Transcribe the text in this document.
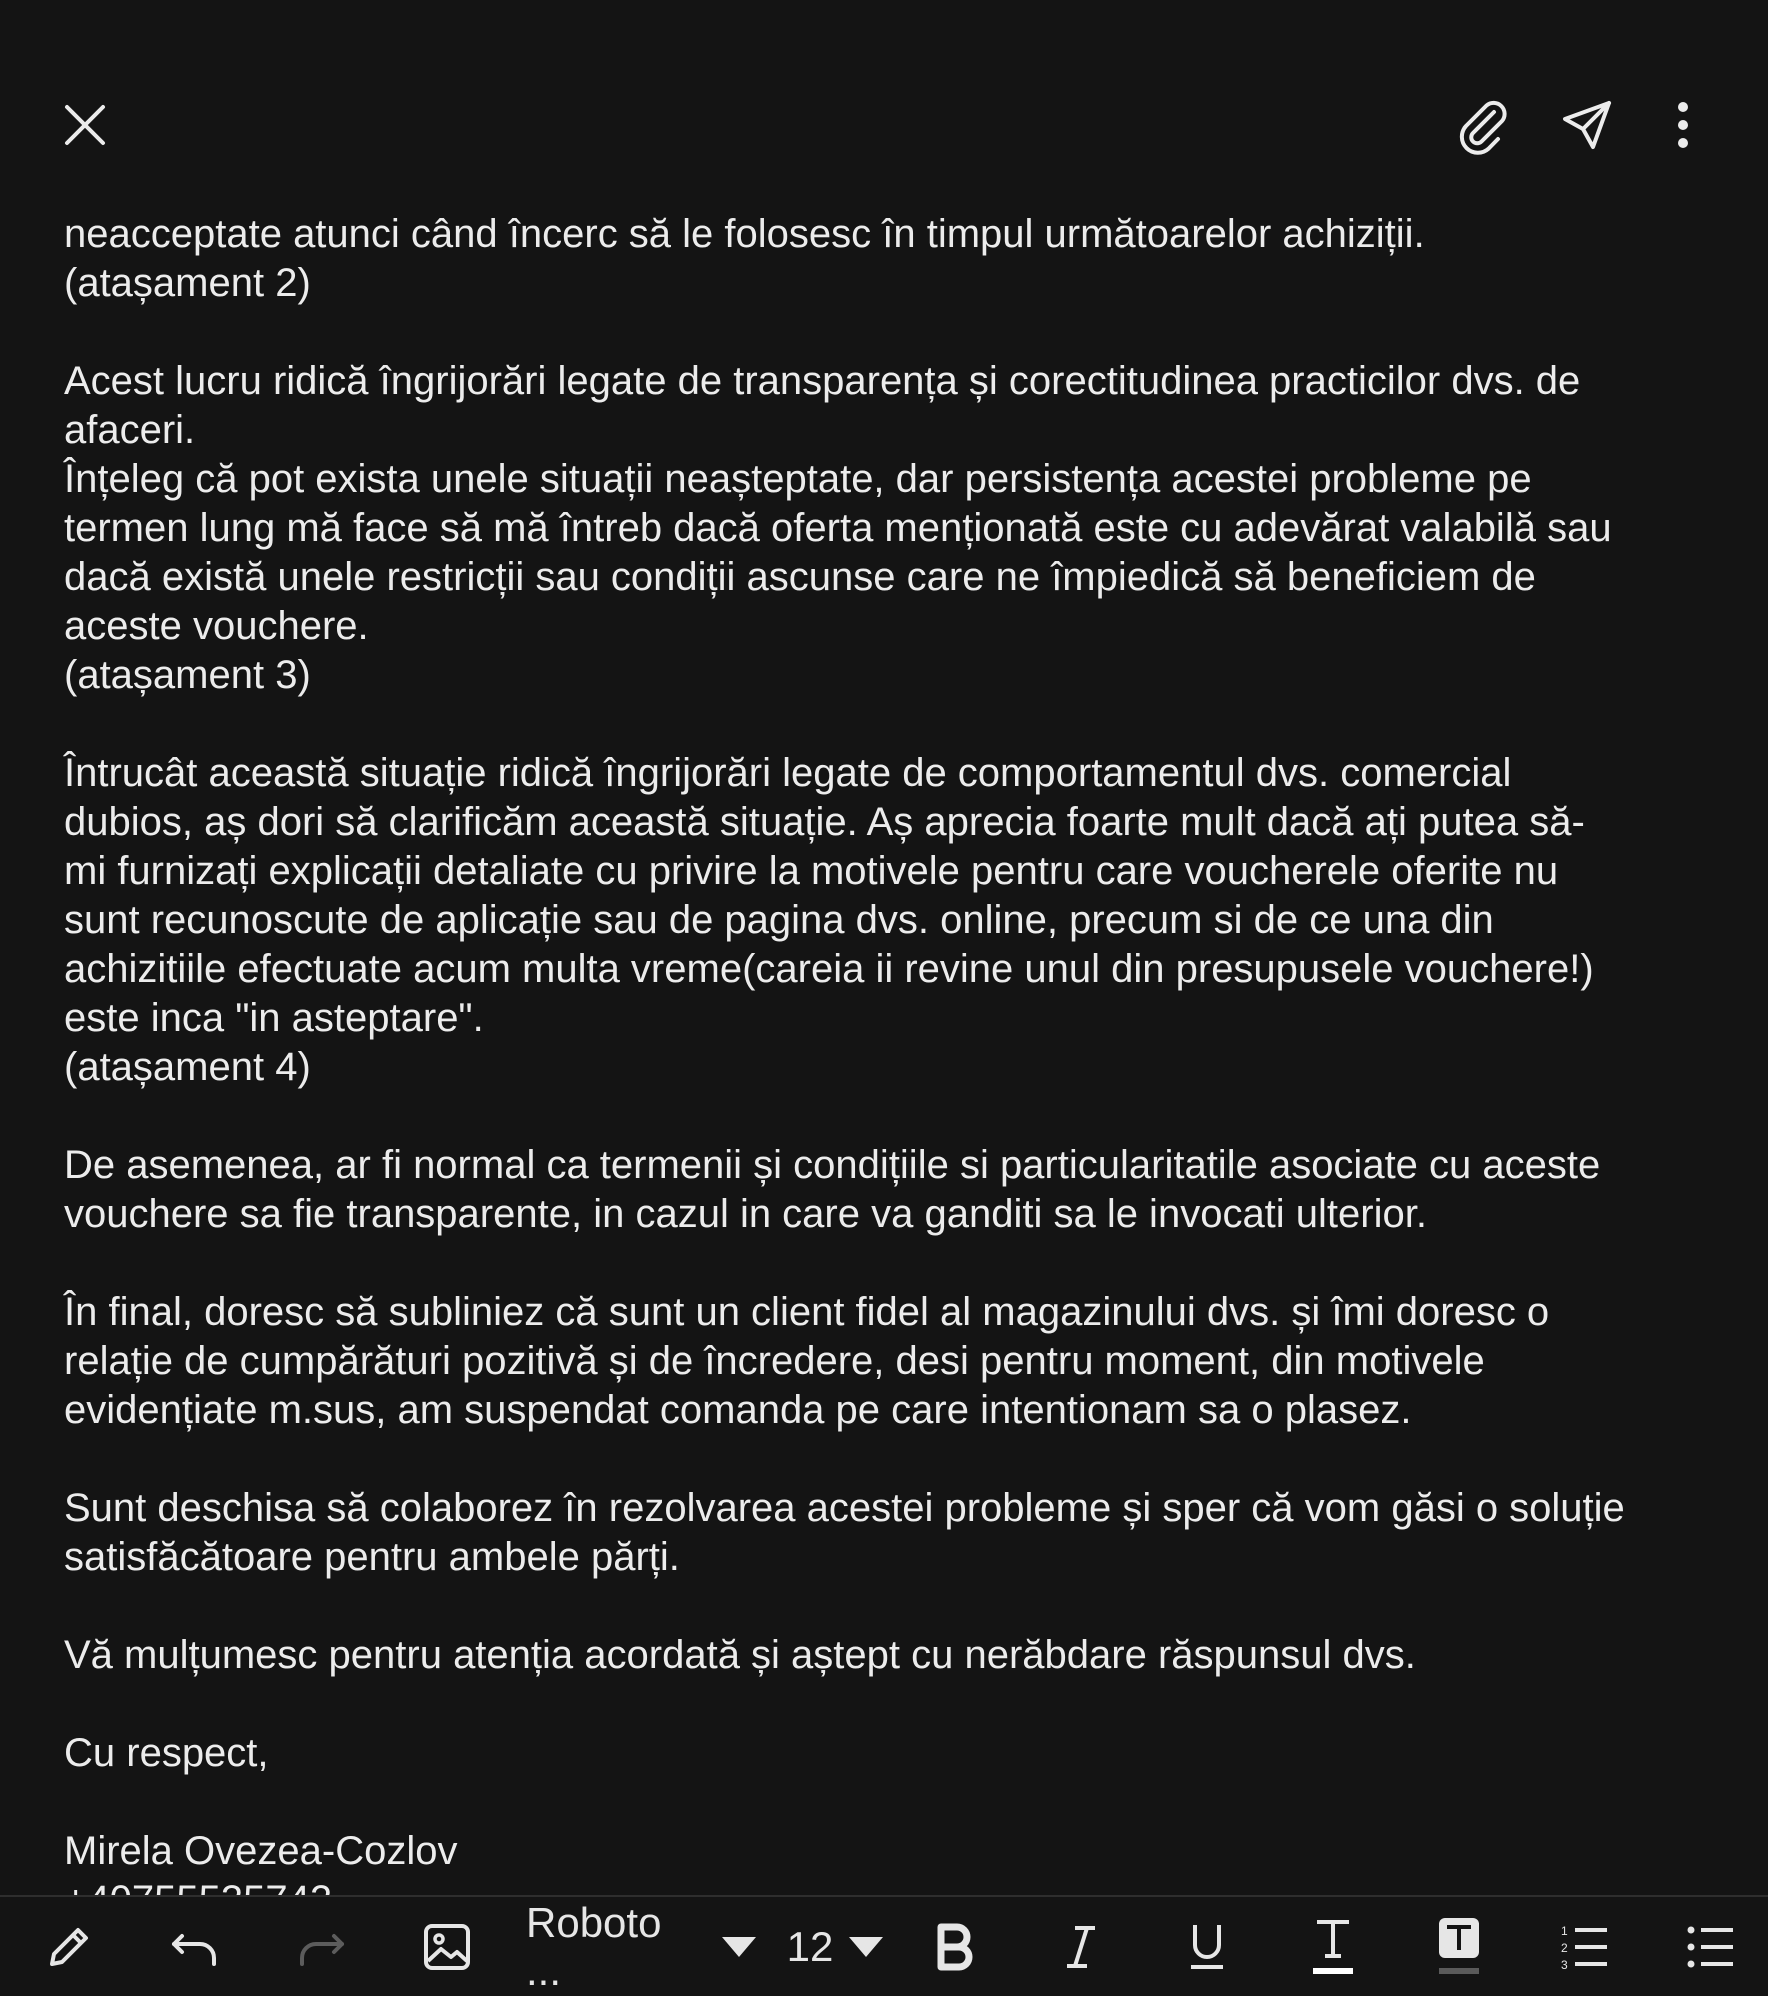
neacceptate atunci când încerc să le folosesc în timpul următoarelor achiziții.
(atașament 2)
Acest lucru ridică îngrijorări legate de transparența și corectitudinea practicilor dvs. de
afaceri.
Înțeleg că pot exista unele situații neașteptate, dar persistența acestei probleme pe
termen lung mă face să mă întreb dacă oferta menționată este cu adevărat valabilă sau
dacă există unele restricții sau condiții ascunse care ne împiedică să beneficiem de
aceste vouchere.
(atașament 3)
Întrucât această situație ridică îngrijorări legate de comportamentul dvs. comercial
dubios, aș dori să clarificăm această situație. Aș aprecia foarte mult dacă ați putea să-
mi furnizați explicații detaliate cu privire la motivele pentru care voucherele oferite nu
sunt recunoscute de aplicație sau de pagina dvs. online, precum si de ce una din
achizitiile efectuate acum multa vreme(careia ii revine unul din presupusele vouchere!)
este inca "in asteptare".
(atașament 4)
De asemenea, ar fi normal ca termenii și condițiile si particularitatile asociate cu aceste
vouchere sa fie transparente, in cazul in care va ganditi sa le invocati ulterior.
În final, doresc să subliniez că sunt un client fidel al magazinului dvs. și îmi doresc o
relație de cumpărături pozitivă și de încredere, desi pentru moment, din motivele
evidențiate m.sus, am suspendat comanda pe care intentionam sa o plasez.
Sunt deschisa să colaborez în rezolvarea acestei probleme și sper că vom găsi o soluție
satisfăcătoare pentru ambele părți.
Vă mulțumesc pentru atenția acordată și aștept cu nerăbdare răspunsul dvs.
Cu respect,
Mirela Ovezea-Cozlov
Roboto ...
12	1
2
3
